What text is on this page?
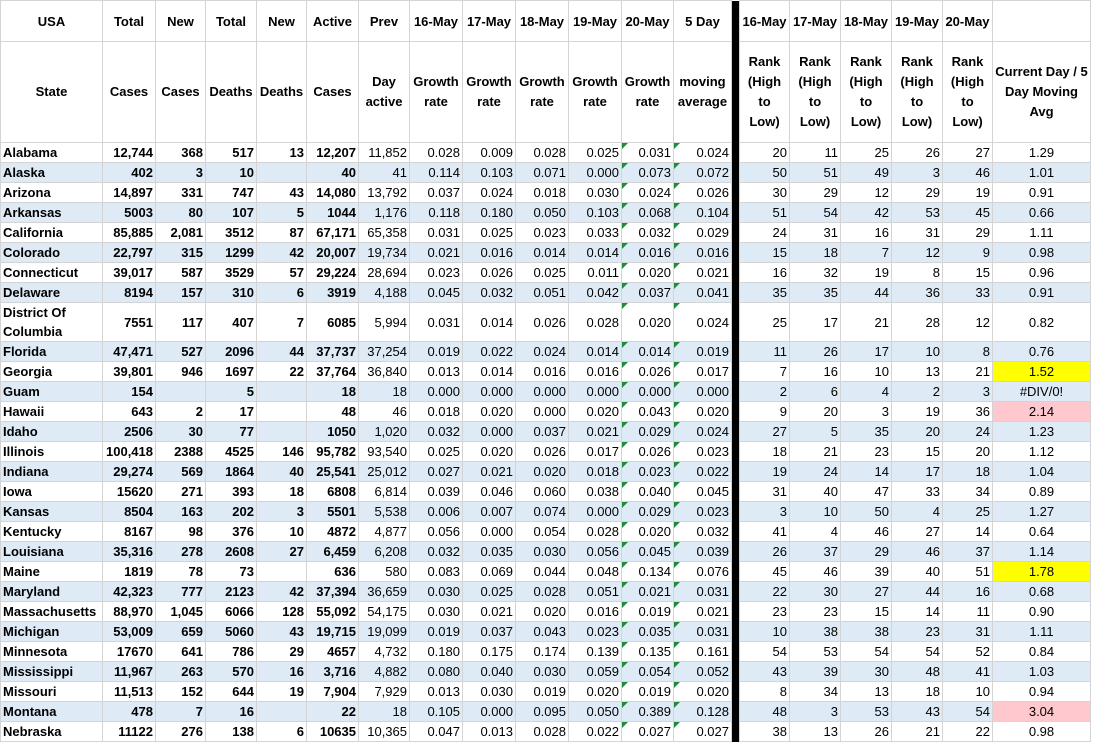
USA	Total	New	Total	New	Active	Prev	16-May	17-May	18-May	19-May	20-May	5 Day		16-May	17-May	18-May	19-May	20-May	
State	Cases	Cases	Deaths	Deaths	Cases	Day active	Growth rate	Growth rate	Growth rate	Growth rate	Growth rate	moving average		Rank (High to Low)	Rank (High to Low)	Rank (High to Low)	Rank (High to Low)	Rank (High to Low)	Current Day / 5 Day Moving Avg
Alabama	12,744	368	517	13	12,207	11,852	0.028	0.009	0.028	0.025	0.031	0.024		20	11	25	26	27	1.29
Alaska	402	3	10		40	41	0.114	0.103	0.071	0.000	0.073	0.072		50	51	49	3	46	1.01
Arizona	14,897	331	747	43	14,080	13,792	0.037	0.024	0.018	0.030	0.024	0.026		30	29	12	29	19	0.91
Arkansas	5003	80	107	5	1044	1,176	0.118	0.180	0.050	0.103	0.068	0.104		51	54	42	53	45	0.66
California	85,885	2,081	3512	87	67,171	65,358	0.031	0.025	0.023	0.033	0.032	0.029		24	31	16	31	29	1.11
Colorado	22,797	315	1299	42	20,007	19,734	0.021	0.016	0.014	0.014	0.016	0.016		15	18	7	12	9	0.98
Connecticut	39,017	587	3529	57	29,224	28,694	0.023	0.026	0.025	0.011	0.020	0.021		16	32	19	8	15	0.96
Delaware	8194	157	310	6	3919	4,188	0.045	0.032	0.051	0.042	0.037	0.041		35	35	44	36	33	0.91
District Of Columbia	7551	117	407	7	6085	5,994	0.031	0.014	0.026	0.028	0.020	0.024		25	17	21	28	12	0.82
Florida	47,471	527	2096	44	37,737	37,254	0.019	0.022	0.024	0.014	0.014	0.019		11	26	17	10	8	0.76
Georgia	39,801	946	1697	22	37,764	36,840	0.013	0.014	0.016	0.016	0.026	0.017		7	16	10	13	21	1.52
Guam	154		5		18	18	0.000	0.000	0.000	0.000	0.000	0.000		2	6	4	2	3	#DIV/0!
Hawaii	643	2	17		48	46	0.018	0.020	0.000	0.020	0.043	0.020		9	20	3	19	36	2.14
Idaho	2506	30	77		1050	1,020	0.032	0.000	0.037	0.021	0.029	0.024		27	5	35	20	24	1.23
Illinois	100,418	2388	4525	146	95,782	93,540	0.025	0.020	0.026	0.017	0.026	0.023		18	21	23	15	20	1.12
Indiana	29,274	569	1864	40	25,541	25,012	0.027	0.021	0.020	0.018	0.023	0.022		19	24	14	17	18	1.04
Iowa	15620	271	393	18	6808	6,814	0.039	0.046	0.060	0.038	0.040	0.045		31	40	47	33	34	0.89
Kansas	8504	163	202	3	5501	5,538	0.006	0.007	0.074	0.000	0.029	0.023		3	10	50	4	25	1.27
Kentucky	8167	98	376	10	4872	4,877	0.056	0.000	0.054	0.028	0.020	0.032		41	4	46	27	14	0.64
Louisiana	35,316	278	2608	27	6,459	6,208	0.032	0.035	0.030	0.056	0.045	0.039		26	37	29	46	37	1.14
Maine	1819	78	73		636	580	0.083	0.069	0.044	0.048	0.134	0.076		45	46	39	40	51	1.78
Maryland	42,323	777	2123	42	37,394	36,659	0.030	0.025	0.028	0.051	0.021	0.031		22	30	27	44	16	0.68
Massachusetts	88,970	1,045	6066	128	55,092	54,175	0.030	0.021	0.020	0.016	0.019	0.021		23	23	15	14	11	0.90
Michigan	53,009	659	5060	43	19,715	19,099	0.019	0.037	0.043	0.023	0.035	0.031		10	38	38	23	31	1.11
Minnesota	17670	641	786	29	4657	4,732	0.180	0.175	0.174	0.139	0.135	0.161		54	53	54	54	52	0.84
Mississippi	11,967	263	570	16	3,716	4,882	0.080	0.040	0.030	0.059	0.054	0.052		43	39	30	48	41	1.03
Missouri	11,513	152	644	19	7,904	7,929	0.013	0.030	0.019	0.020	0.019	0.020		8	34	13	18	10	0.94
Montana	478	7	16		22	18	0.105	0.000	0.095	0.050	0.389	0.128		48	3	53	43	54	3.04
Nebraska	11122	276	138	6	10635	10,365	0.047	0.013	0.028	0.022	0.027	0.027		38	13	26	21	22	0.98
